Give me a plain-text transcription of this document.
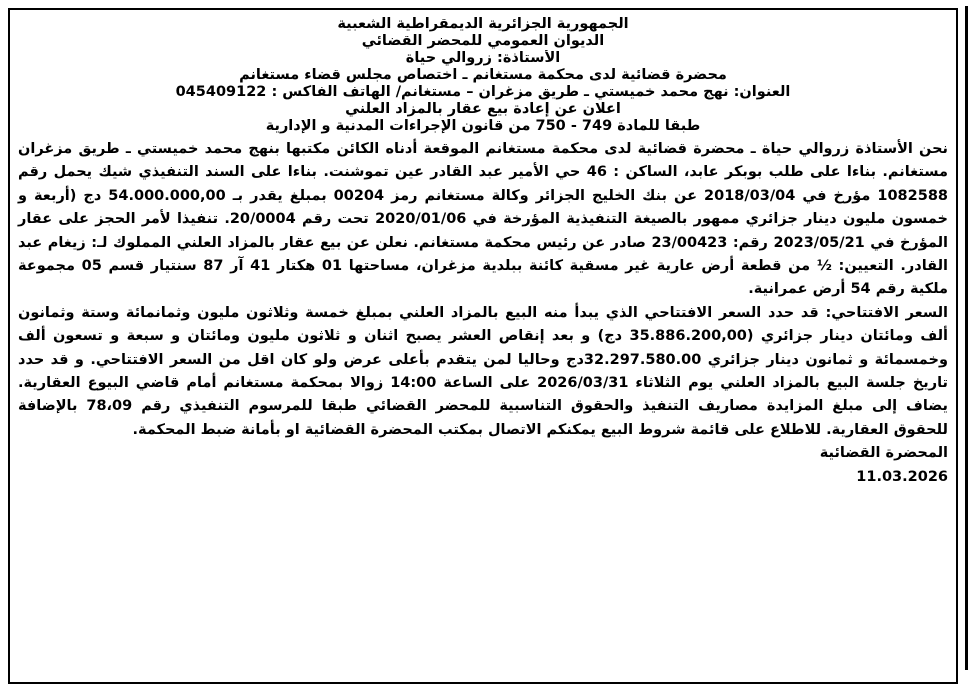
الجمهورية الجزائرية الديمقراطية الشعبية
الديوان العمومي للمحضر القضائي
الأستاذة: زروالي حياة
محضرة قضائية لدى محكمة مستغانم ـ اختصاص مجلس قضاء مستغانم
العنوان: نهج محمد خميستي ـ طريق مزغران – مستغانم/ الهاتف الفاكس : 045409122
اعلان عن إعادة بيع عقار بالمزاد العلني
طبقا للمادة 749 - 750 من قانون الإجراءات المدنية و الإدارية

نحن الأستاذة زروالي حياة ـ محضرة قضائية لدى محكمة مستغانم الموقعة أدناه الكائن مكتبها بنهج محمد خميستي ـ طريق مزغران مستغانم. بناءا على طلب بوبكر عابد، الساكن : 46 حي الأمير عبد القادر عين تموشنت. بناءا على السند التنفيذي شيك يحمل رقم 1082588 مؤرخ في 2018/03/04 عن بنك الخليج الجزائر وكالة مستغانم رمز 00204 بمبلغ يقدر بـ 54.000.000,00 دج (أربعة و خمسون مليون دينار جزائري ممهور بالصيغة التنفيذية المؤرخة في 2020/01/06 تحت رقم 20/0004. تنفيذا لأمر الحجز على عقار المؤرخ في 2023/05/21 رقم: 23/00423 صادر عن رئيس محكمة مستغانم. نعلن عن بيع عقار بالمزاد العلني المملوك لـ: زيغام عبد القادر. التعيين: ½ من قطعة أرض عارية غير مسقية كائنة ببلدية مزغران، مساحتها 01 هكتار 41 آر 87 سنتيار قسم 05 مجموعة ملكية رقم 54 أرض عمرانية.

السعر الافتتاحي: قد حدد السعر الافتتاحي الذي يبدأ منه البيع بالمزاد العلني بمبلغ خمسة وثلاثون مليون وثمانمائة وستة وثمانون ألف ومائتان دينار جزائري (35.886.200,00 دج) و بعد إنقاص العشر يصبح اثنان و ثلاثون مليون ومائتان و سبعة و تسعون ألف وخمسمائة و ثمانون دينار جزائري 32.297.580.00دج وحاليا لمن يتقدم بأعلى عرض ولو كان اقل من السعر الافتتاحي. و قد حدد تاريخ جلسة البيع بالمزاد العلني يوم الثلاثاء 2026/03/31 على الساعة 14:00 زوالا بمحكمة مستغانم أمام قاضي البيوع العقارية. يضاف إلى مبلغ المزايدة مصاريف التنفيذ والحقوق التناسبية للمحضر القضائي طبقا للمرسوم التنفيذي رقم 78،09 بالإضافة للحقوق العقارية. للاطلاع على قائمة شروط البيع يمكنكم الاتصال بمكتب المحضرة القضائية او بأمانة ضبط المحكمة.

المحضرة القضائية

11.03.2026
